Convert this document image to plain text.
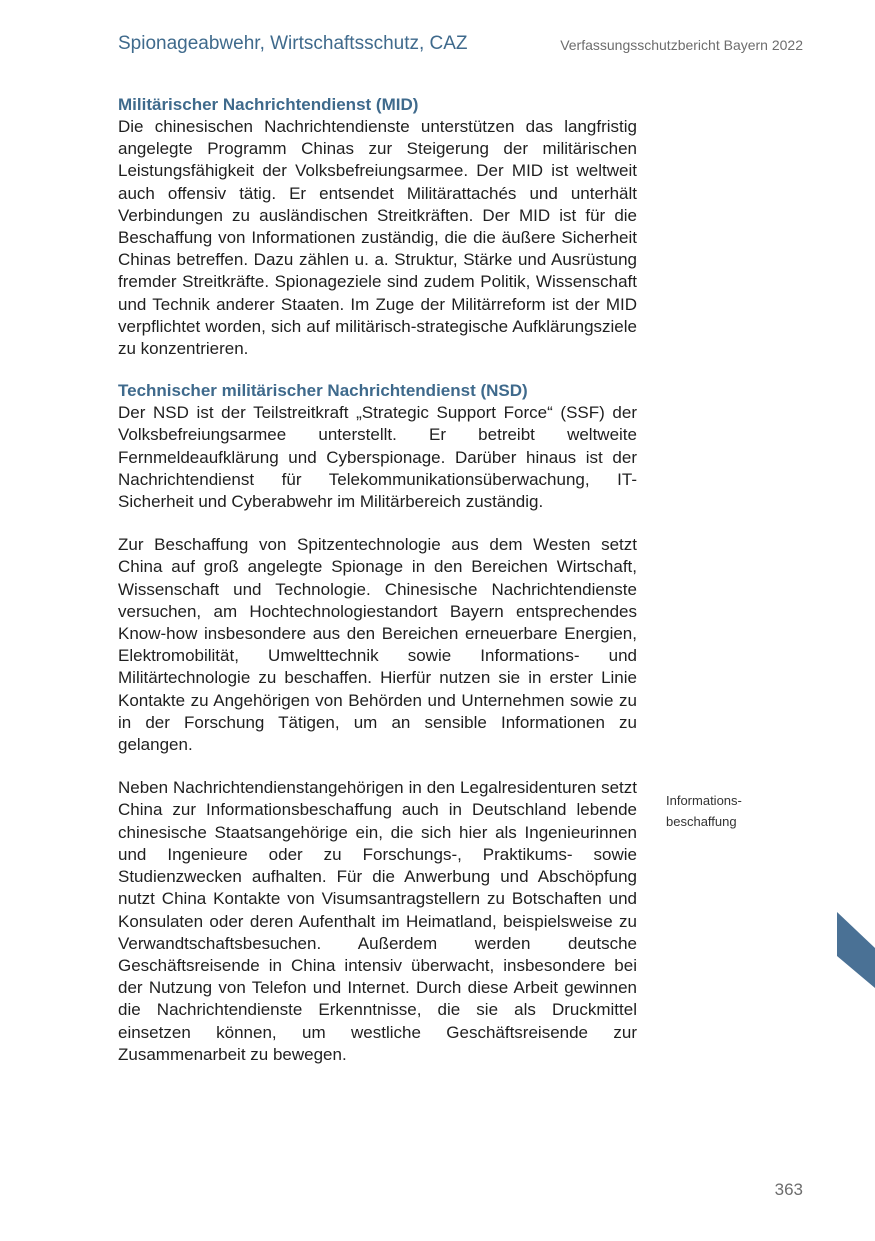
Spionageabwehr, Wirtschaftsschutz, CAZ	Verfassungsschutzbericht Bayern 2022
Militärischer Nachrichtendienst (MID)

Die chinesischen Nachrichtendienste unterstützen das langfristig angelegte Programm Chinas zur Steigerung der militärischen Leistungsfähigkeit der Volksbefreiungsarmee. Der MID ist weltweit auch offensiv tätig. Er entsendet Militärattachés und unterhält Verbindungen zu ausländischen Streitkräften. Der MID ist für die Beschaffung von Informationen zuständig, die die äußere Sicherheit Chinas betreffen. Dazu zählen u. a. Struktur, Stärke und Ausrüstung fremder Streitkräfte. Spionageziele sind zudem Politik, Wissenschaft und Technik anderer Staaten. Im Zuge der Militärreform ist der MID verpflichtet worden, sich auf militärisch-strategische Aufklärungsziele zu konzentrieren.

Technischer militärischer Nachrichtendienst (NSD)

Der NSD ist der Teilstreitkraft „Strategic Support Force“ (SSF) der Volksbefreiungsarmee unterstellt. Er betreibt weltweite Fernmeldeaufklärung und Cyberspionage. Darüber hinaus ist der Nachrichtendienst für Telekommunikationsüberwachung, IT-Sicherheit und Cyberabwehr im Militärbereich zuständig.

Zur Beschaffung von Spitzentechnologie aus dem Westen setzt China auf groß angelegte Spionage in den Bereichen Wirtschaft, Wissenschaft und Technologie. Chinesische Nachrichtendienste versuchen, am Hochtechnologiestandort Bayern entsprechendes Know-how insbesondere aus den Bereichen erneuerbare Energien, Elektromobilität, Umwelttechnik sowie Informations- und Militärtechnologie zu beschaffen. Hierfür nutzen sie in erster Linie Kontakte zu Angehörigen von Behörden und Unternehmen sowie zu in der Forschung Tätigen, um an sensible Informationen zu gelangen.

Neben Nachrichtendienstangehörigen in den Legalresidenturen setzt China zur Informationsbeschaffung auch in Deutschland lebende chinesische Staatsangehörige ein, die sich hier als Ingenieurinnen und Ingenieure oder zu Forschungs-, Praktikums- sowie Studienzwecken aufhalten. Für die Anwerbung und Abschöpfung nutzt China Kontakte von Visumsantragstellern zu Botschaften und Konsulaten oder deren Aufenthalt im Heimatland, beispielsweise zu Verwandtschaftsbesuchen. Außerdem werden deutsche Geschäftsreisende in China intensiv überwacht, insbesondere bei der Nutzung von Telefon und Internet. Durch diese Arbeit gewinnen die Nachrichtendienste Erkenntnisse, die sie als Druckmittel einsetzen können, um westliche Geschäftsreisende zur Zusammenarbeit zu bewegen.

Informations-
beschaffung
363
